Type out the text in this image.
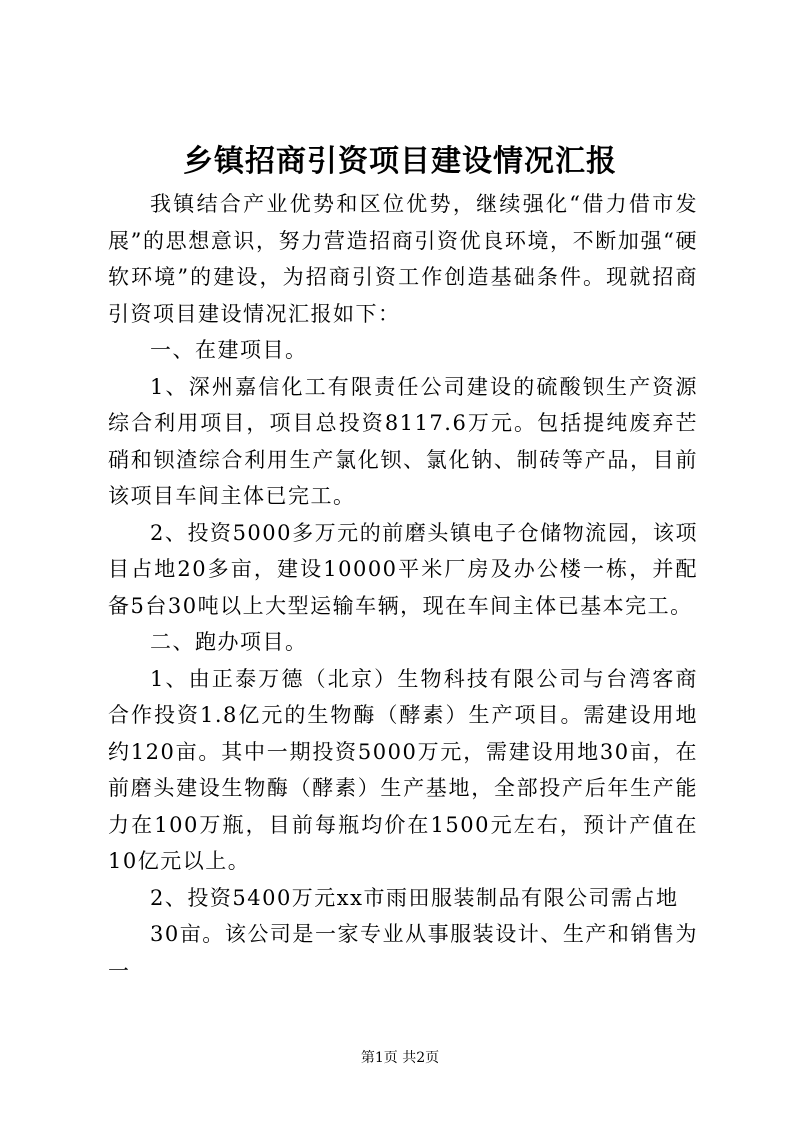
乡镇招商引资项目建设情况汇报

我镇结合产业优势和区位优势，继续强化“借力借市发展”的思想意识，努力营造招商引资优良环境，不断加强“硬软环境”的建设，为招商引资工作创造基础条件。现就招商引资项目建设情况汇报如下：

一、在建项目。

1、深州嘉信化工有限责任公司建设的硫酸钡生产资源综合利用项目，项目总投资8117.6万元。包括提纯废弃芒硝和钡渣综合利用生产氯化钡、氯化钠、制砖等产品，目前该项目车间主体已完工。

2、投资5000多万元的前磨头镇电子仓储物流园，该项目占地20多亩，建设10000平米厂房及办公楼一栋，并配备5台30吨以上大型运输车辆，现在车间主体已基本完工。

二、跑办项目。

1、由正泰万德（北京）生物科技有限公司与台湾客商合作投资1.8亿元的生物酶（酵素）生产项目。需建设用地约120亩。其中一期投资5000万元，需建设用地30亩，在前磨头建设生物酶（酵素）生产基地，全部投产后年生产能力在100万瓶，目前每瓶均价在1500元左右，预计产值在10亿元以上。

2、投资5400万元xx市雨田服装制品有限公司需占地

30亩。该公司是一家专业从事服装设计、生产和销售为一

第1页 共2页
